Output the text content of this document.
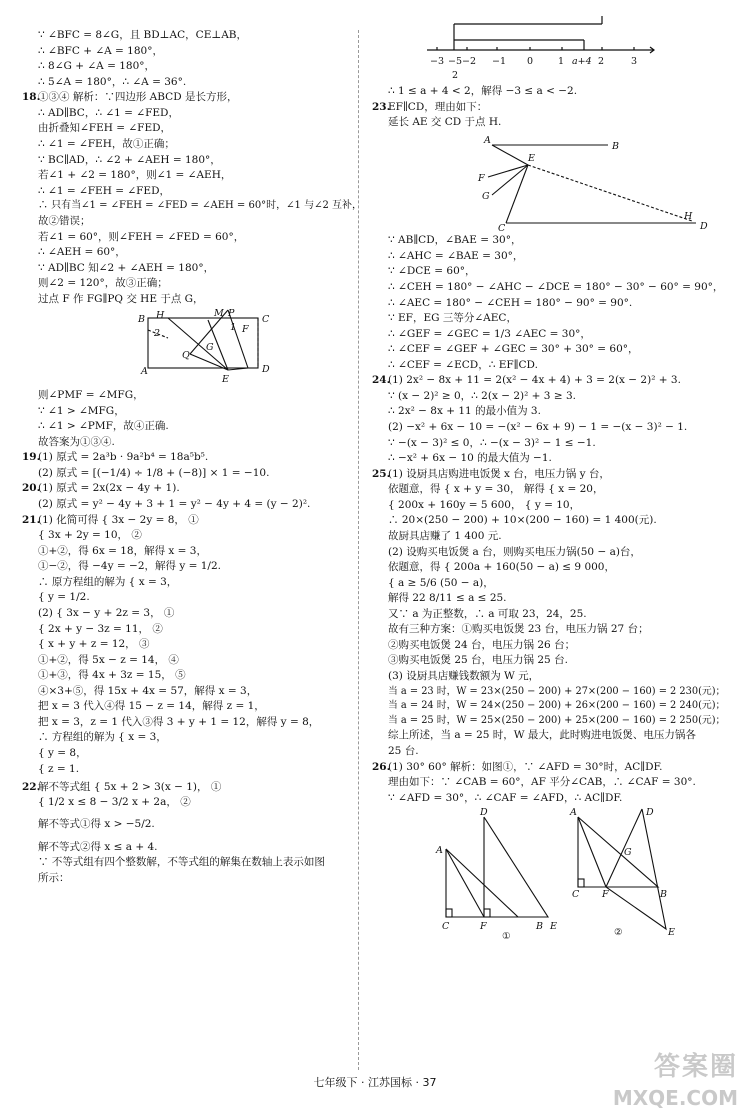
∵ ∠BFC = 8∠G，且 BD⊥AC，CE⊥AB，
∴ ∠BFC + ∠A = 180°，
∴ 8∠G + ∠A = 180°，
∴ 5∠A = 180°，∴ ∠A = 36°.
18.①③④ 解析：∵四边形 ABCD 是长方形，
∴ AD∥BC，∴ ∠1 = ∠FED，
由折叠知∠FEH = ∠FED，
∴ ∠1 = ∠FEH，故①正确；
∵ BC∥AD，∴ ∠2 + ∠AEH = 180°，
若∠1 + ∠2 = 180°，则∠1 = ∠AEH，
∴ ∠1 = ∠FEH = ∠FED，
∴ 只有当∠1 = ∠FEH = ∠FED = ∠AEH = 60°时，∠1 与∠2 互补，
故②错误；
若∠1 = 60°，则∠FEH = ∠FED = 60°，
∴ ∠AEH = 60°，
∵ AD∥BC 知∠2 + ∠AEH = 180°，
则∠2 = 120°，故③正确；
过点 F 作 FG∥PQ 交 HE 于点 G，
B H	M P
C
2
Q
G
1 F
A
E
D
则∠PMF = ∠MFG，
∵ ∠1 > ∠MFG，
∴ ∠1 > ∠PMF，故④正确.
故答案为①③④.
19.(1) 原式 = 2a³b · 9a²b⁴ = 18a⁵b⁵.
(2) 原式 = [(−1/4) ÷ 1/8 + (−8)] × 1 = −10.
20.(1) 原式 = 2x(2x − 4y + 1).
(2) 原式 = y² − 4y + 3 + 1 = y² − 4y + 4 = (y − 2)².
21.(1) 化简可得 { 3x − 2y = 8， ①
{ 3x + 2y = 10， ②
①+②，得 6x = 18，解得 x = 3，
①−②，得 −4y = −2，解得 y = 1/2.
∴ 原方程组的解为 { x = 3，
{ y = 1/2.
(2) { 3x − y + 2z = 3， ①
{ 2x + y − 3z = 11， ②
{ x + y + z = 12， ③
①+②，得 5x − z = 14， ④
①+③，得 4x + 3z = 15， ⑤
④×3+⑤，得 15x + 4x = 57，解得 x = 3，
把 x = 3 代入④得 15 − z = 14，解得 z = 1，
把 x = 3，z = 1 代入③得 3 + y + 1 = 12，解得 y = 8，
∴ 方程组的解为 { x = 3，
{ y = 8，
{ z = 1.
22.解不等式组 { 5x + 2 > 3(x − 1)， ①
{ 1/2 x ≤ 8 − 3/2 x + 2a， ②
解不等式①得 x > −5/2.
解不等式②得 x ≤ a + 4.
∵ 不等式组有四个整数解，不等式组的解集在数轴上表示如图
所示：
−3 −5
2
−2 −1 0	1 a+4 2	3
∴ 1 ≤ a + 4 < 2，解得 −3 ≤ a < −2.
23.EF∥CD，理由如下：
延长 AE 交 CD 于点 H.
A
B
E
F
G
C
H
D
∵ AB∥CD，∠BAE = 30°，
∴ ∠AHC = ∠BAE = 30°，
∵ ∠DCE = 60°，
∴ ∠CEH = 180° − ∠AHC − ∠DCE = 180° − 30° − 60° = 90°，
∴ ∠AEC = 180° − ∠CEH = 180° − 90° = 90°.
∵ EF，EG 三等分∠AEC，
∴ ∠GEF = ∠GEC = 1/3 ∠AEC = 30°，
∴ ∠CEF = ∠GEF + ∠GEC = 30° + 30° = 60°，
∴ ∠CEF = ∠ECD，∴ EF∥CD.
24.(1) 2x² − 8x + 11 = 2(x² − 4x + 4) + 3 = 2(x − 2)² + 3.
∵ (x − 2)² ≥ 0，∴ 2(x − 2)² + 3 ≥ 3.
∴ 2x² − 8x + 11 的最小值为 3.
(2) −x² + 6x − 10 = −(x² − 6x + 9) − 1 = −(x − 3)² − 1.
∵ −(x − 3)² ≤ 0，∴ −(x − 3)² − 1 ≤ −1.
∴ −x² + 6x − 10 的最大值为 −1.
25.(1) 设厨具店购进电饭煲 x 台，电压力锅 y 台，
依题意，得 { x + y = 30， 解得 { x = 20，
{ 200x + 160y = 5 600， { y = 10，
∴ 20×(250 − 200) + 10×(200 − 160) = 1 400(元).
故厨具店赚了 1 400 元.
(2) 设购买电饭煲 a 台，则购买电压力锅(50 − a)台，
依题意，得 { 200a + 160(50 − a) ≤ 9 000，
{ a ≥ 5/6 (50 − a)，
解得 22 8/11 ≤ a ≤ 25.
又∵ a 为正整数，∴ a 可取 23，24，25.
故有三种方案：①购买电饭煲 23 台，电压力锅 27 台；
②购买电饭煲 24 台，电压力锅 26 台；
③购买电饭煲 25 台，电压力锅 25 台.
(3) 设厨具店赚钱数额为 W 元，
当 a = 23 时，W = 23×(250 − 200) + 27×(200 − 160) = 2 230(元)；
当 a = 24 时，W = 24×(250 − 200) + 26×(200 − 160) = 2 240(元)；
当 a = 25 时，W = 25×(250 − 200) + 25×(200 − 160) = 2 250(元)；
综上所述，当 a = 25 时，W 最大，此时购进电饭煲、电压力锅各
25 台.
26.(1) 30° 60° 解析：如图①，∵ ∠AFD = 30°时，AC∥DF.
理由如下：∵ ∠CAB = 60°，AF 平分∠CAB，∴ ∠CAF = 30°.
∵ ∠AFD = 30°，∴ ∠CAF = ∠AFD，∴ AC∥DF.
A
C	F	B E
D
①
A
C F
G
B
D
E
②
七年级下 · 江苏国标 · 37
答案圈
MXQE.COM
